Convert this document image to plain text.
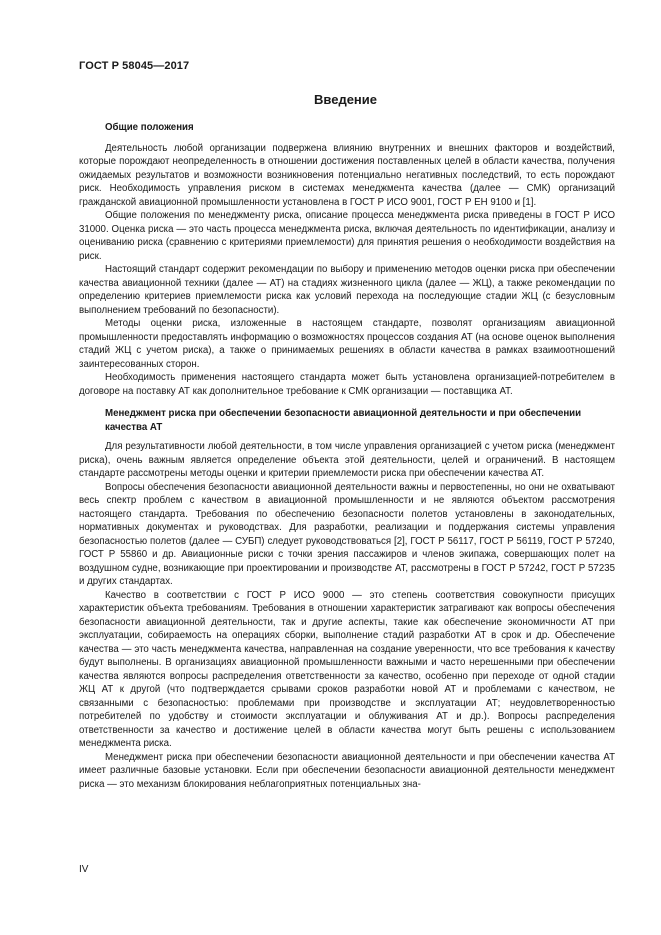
ГОСТ Р 58045—2017
Введение
Общие положения

Деятельность любой организации подвержена влиянию внутренних и внешних факторов и воздействий, которые порождают неопределенность в отношении достижения поставленных целей в области качества, получения ожидаемых результатов и возможности возникновения потенциально негативных последствий, то есть порождают риск. Необходимость управления риском в системах менеджмента качества (далее — СМК) организаций гражданской авиационной промышленности установлена в ГОСТ Р ИСО 9001, ГОСТ Р ЕН 9100 и [1].

Общие положения по менеджменту риска, описание процесса менеджмента риска приведены в ГОСТ Р ИСО 31000. Оценка риска — это часть процесса менеджмента риска, включая деятельность по идентификации, анализу и оцениванию риска (сравнению с критериями приемлемости) для принятия решения о необходимости воздействия на риск.

Настоящий стандарт содержит рекомендации по выбору и применению методов оценки риска при обеспечении качества авиационной техники (далее — АТ) на стадиях жизненного цикла (далее — ЖЦ), а также рекомендации по определению критериев приемлемости риска как условий перехода на последующие стадии ЖЦ (с безусловным выполнением требований по безопасности).

Методы оценки риска, изложенные в настоящем стандарте, позволят организациям авиационной промышленности предоставлять информацию о возможностях процессов создания АТ (на основе оценок выполнения стадий ЖЦ с учетом риска), а также о принимаемых решениях в области качества в рамках взаимоотношений заинтересованных сторон.

Необходимость применения настоящего стандарта может быть установлена организацией-потребителем в договоре на поставку АТ как дополнительное требование к СМК организации — поставщика АТ.

Менеджмент риска при обеспечении безопасности авиационной деятельности и при обеспечении качества АТ

Для результативности любой деятельности, в том числе управления организацией с учетом риска (менеджмент риска), очень важным является определение объекта этой деятельности, целей и ограничений. В настоящем стандарте рассмотрены методы оценки и критерии приемлемости риска при обеспечении качества АТ.

Вопросы обеспечения безопасности авиационной деятельности важны и первостепенны, но они не охватывают весь спектр проблем с качеством в авиационной промышленности и не являются объектом рассмотрения настоящего стандарта. Требования по обеспечению безопасности полетов установлены в законодательных, нормативных документах и руководствах. Для разработки, реализации и поддержания системы управления безопасностью полетов (далее — СУБП) следует руководствоваться [2], ГОСТ Р 56117, ГОСТ Р 56119, ГОСТ Р 57240, ГОСТ Р 55860 и др. Авиационные риски с точки зрения пассажиров и членов экипажа, совершающих полет на воздушном судне, возникающие при проектировании и производстве АТ, рассмотрены в ГОСТ Р 57242, ГОСТ Р 57235 и других стандартах.

Качество в соответствии с ГОСТ Р ИСО 9000 — это степень соответствия совокупности присущих характеристик объекта требованиям. Требования в отношении характеристик затрагивают как вопросы обеспечения безопасности авиационной деятельности, так и другие аспекты, такие как обеспечение экономичности АТ при эксплуатации, собираемость на операциях сборки, выполнение стадий разработки АТ в срок и др. Обеспечение качества — это часть менеджмента качества, направленная на создание уверенности, что все требования к качеству будут выполнены. В организациях авиационной промышленности важными и часто нерешенными при обеспечении качества являются вопросы распределения ответственности за качество, особенно при переходе от одной стадии ЖЦ АТ к другой (что подтверждается срывами сроков разработки новой АТ и проблемами с качеством, не связанными с безопасностью: проблемами при производстве и эксплуатации АТ; неудовлетворенностью потребителей по удобству и стоимости эксплуатации и облуживания АТ и др.). Вопросы распределения ответственности за качество и достижение целей в области качества могут быть решены с использованием менеджмента риска.

Менеджмент риска при обеспечении безопасности авиационной деятельности и при обеспечении качества АТ имеет различные базовые установки. Если при обеспечении безопасности авиационной деятельности менеджмент риска — это механизм блокирования неблагоприятных потенциальных зна-

IV
